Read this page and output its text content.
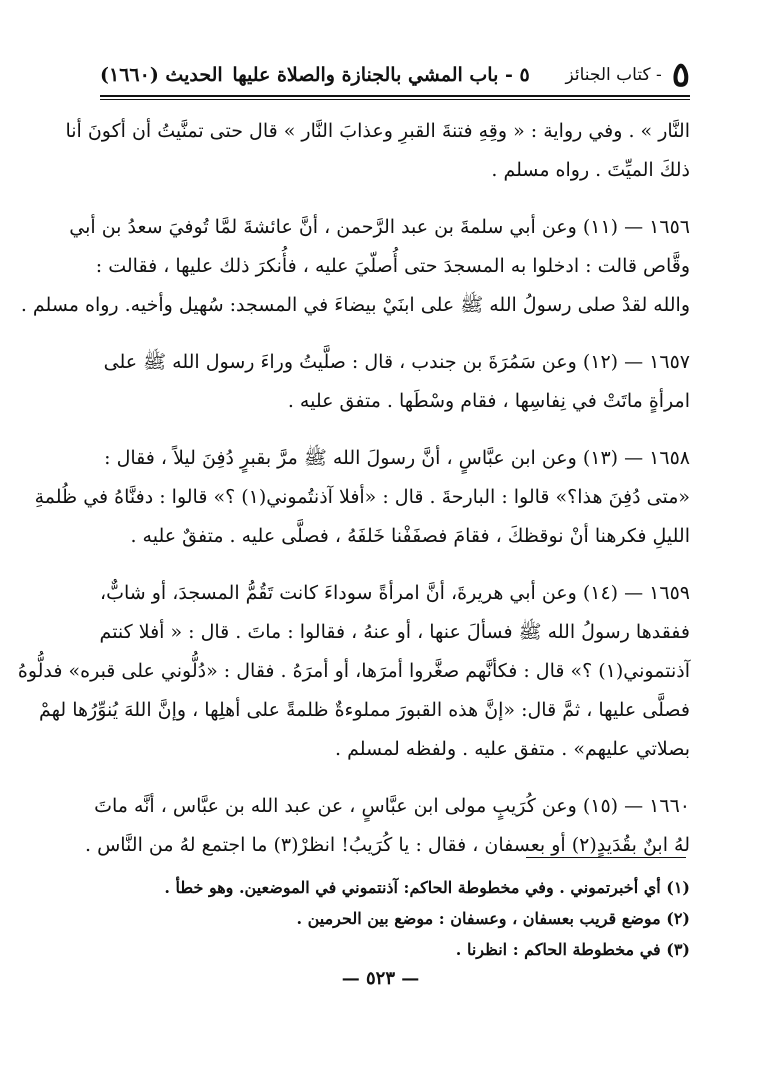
٥
- كتاب الجنائز
٥ - باب المشي بالجنازة والصلاة عليها
الحديث (١٦٦٠)
النَّار » . وفي رواية : « وقِهِ فتنةَ القبرِ وعذابَ النَّار » قال حتى تمنَّيتُ أن أكونَ أنا
ذلكَ الميِّتَ . رواه مسلم .
١٦٥٦ — (١١) وعن أبي سلمةَ بن عبد الرَّحمن ، أنَّ عائشةَ لمَّا تُوفيَ سعدُ بن أبي
وقَّاص قالت : ادخلوا به المسجدَ حتى أُصلّيَ عليه ، فأُنكرَ ذلك عليها ، فقالت :
والله لقدْ صلى رسولُ الله ﷺ على ابنَيْ بيضاءَ في المسجد: سُهيل وأخيه. رواه مسلم .
١٦٥٧ — (١٢) وعن سَمُرَةَ بن جندب ، قال : صلَّيتُ وراءَ رسول الله ﷺ على
امرأةٍ ماتَتْ في نِفاسِها ، فقام وسْطَها . متفق عليه .
١٦٥٨ — (١٣) وعن ابن عبَّاسٍ ، أنَّ رسولَ الله ﷺ مرَّ بقبرٍ دُفِنَ ليلاً ، فقال :
«متى دُفِنَ هذا؟» قالوا : البارحةَ . قال : «أفلا آذنتُموني(١) ؟» قالوا : دفنَّاهُ في ظُلمةِ
الليلِ فكرهنا أنْ نوقظكَ ، فقامَ فصفَفْنا خَلفَهُ ، فصلَّى عليه . متفقٌ عليه .
١٦٥٩ — (١٤) وعن أبي هريرةَ، أنَّ امرأةً سوداءَ كانت تَقُمُّ المسجدَ، أو شابٌّ،
ففقدها رسولُ الله ﷺ فسألَ عنها ، أو عنهُ ، فقالوا : ماتَ . قال : « أفلا كنتم
آذنتموني(١) ؟» قال : فكأنَّهم صغَّروا أمرَها، أو أمرَهُ . فقال : «دُلُّوني على قبره» فدلُّوهُ
فصلَّى عليها ، ثمَّ قال: «إنَّ هذه القبورَ مملوءةٌ ظلمةً على أهلِها ، وإنَّ اللهَ يُنوِّرُها لهمْ
بصلاتي عليهم» . متفق عليه . ولفظه لمسلم .
١٦٦٠ — (١٥) وعن كُرَيبٍ مولى ابن عبَّاسٍ ، عن عبد الله بن عبَّاس ، أنَّه ماتَ
لهُ ابنٌ بقُدَيدٍ(٢) أو بعسفان ، فقال : يا كُرَيبُ! انظرْ(٣) ما اجتمع لهُ من النَّاس .
(١) أي أخبرتموني . وفي مخطوطة الحاكم: آذنتموني في الموضعين. وهو خطأ .
(٢) موضع قريب بعسفان ، وعسفان : موضع بين الحرمين .
(٣) في مخطوطة الحاكم : انظرنا .
— ٥٢٣ —
